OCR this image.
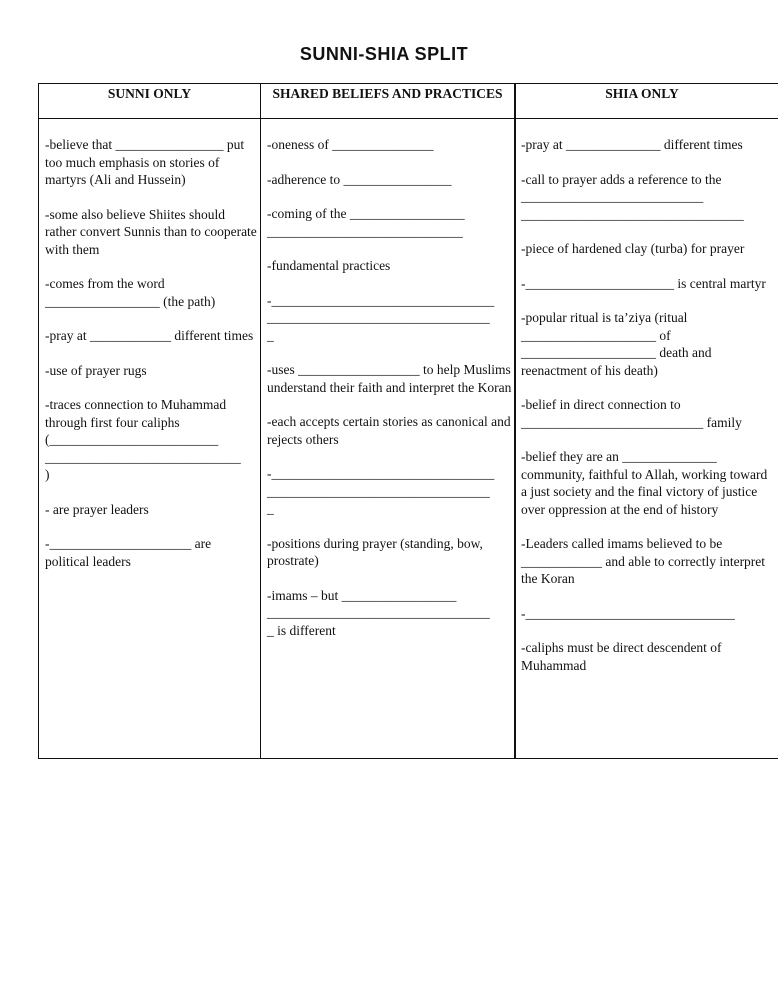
SUNNI-SHIA SPLIT
SUNNI ONLY	SHARED BELIEFS AND PRACTICES	SHIA ONLY

-believe that ________________ put too much emphasis on stories of martyrs (Ali and Hussein)

-some also believe Shiites should rather convert Sunnis than to cooperate with them

-comes from the word
_________________ (the path)

-pray at ____________ different times

-use of prayer rugs

-traces connection to Muhammad through first four caliphs
(_________________________
_____________________________
)

- are prayer leaders

-_____________________ are political leaders

-oneness of _______________

-adherence to ________________

-coming of the _________________
_____________________________

-fundamental practices

-_________________________________
_________________________________
_

-uses __________________ to help Muslims understand their faith and interpret the Koran

-each accepts certain stories as canonical and rejects others

-_________________________________
_________________________________
_

-positions during prayer (standing, bow, prostrate)

-imams – but _________________
_________________________________
_ is different

-pray at ______________ different times

-call to prayer adds a reference to the ___________________________
_________________________________

-piece of hardened clay (turba) for prayer

-______________________ is central martyr

-popular ritual is ta’ziya (ritual ____________________ of ____________________ death and reenactment of his death)

-belief in direct connection to ___________________________ family

-belief they are an ______________ community, faithful to Allah, working toward a just society and the final victory of justice over oppression at the end of history

-Leaders called imams believed to be ____________ and able to correctly interpret the Koran

-_______________________________

-caliphs must be direct descendent of Muhammad
